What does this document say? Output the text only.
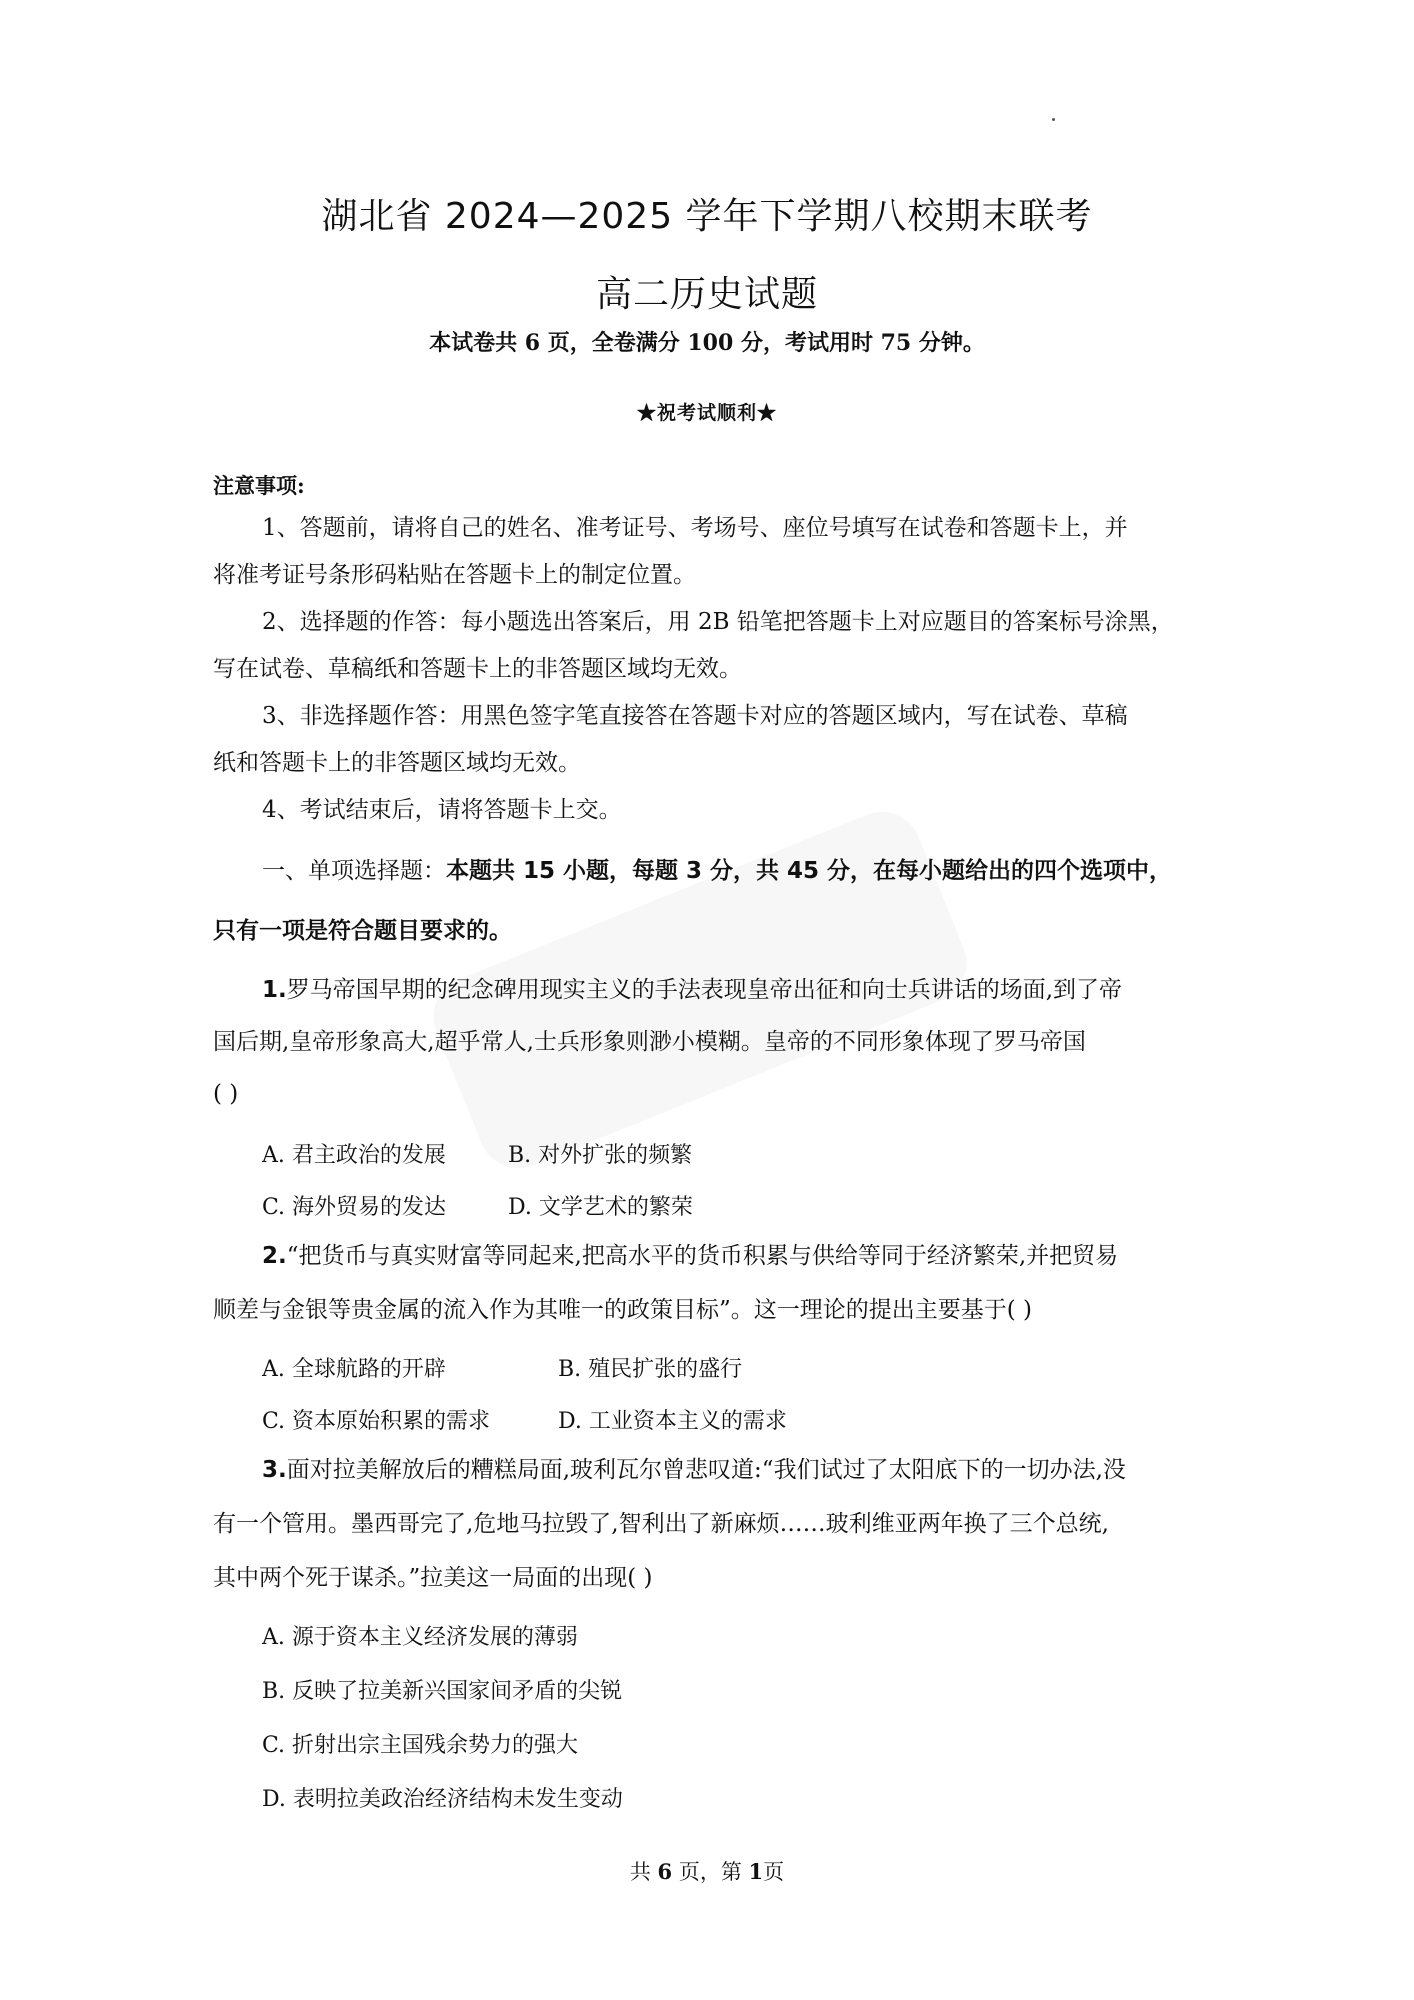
湖北省 2024—2025 学年下学期八校期末联考
高二历史试题
本试卷共 6 页，全卷满分 100 分，考试用时 75 分钟。
★祝考试顺利★
注意事项:
1、答题前，请将自己的姓名、准考证号、考场号、座位号填写在试卷和答题卡上，并
将准考证号条形码粘贴在答题卡上的制定位置。
2、选择题的作答：每小题选出答案后，用 2B 铅笔把答题卡上对应题目的答案标号涂黑，
写在试卷、草稿纸和答题卡上的非答题区域均无效。
3、非选择题作答：用黑色签字笔直接答在答题卡对应的答题区域内，写在试卷、草稿
纸和答题卡上的非答题区域均无效。
4、考试结束后，请将答题卡上交。
一、单项选择题：本题共 15 小题，每题 3 分，共 45 分，在每小题给出的四个选项中，
只有一项是符合题目要求的。
1.罗马帝国早期的纪念碑用现实主义的手法表现皇帝出征和向士兵讲话的场面,到了帝
国后期,皇帝形象高大,超乎常人,士兵形象则渺小模糊。皇帝的不同形象体现了罗马帝国
( )
A. 君主政治的发展	B. 对外扩张的频繁
C. 海外贸易的发达	D. 文学艺术的繁荣
2.“把货币与真实财富等同起来,把高水平的货币积累与供给等同于经济繁荣,并把贸易
顺差与金银等贵金属的流入作为其唯一的政策目标”。这一理论的提出主要基于( )
A. 全球航路的开辟	B. 殖民扩张的盛行
C. 资本原始积累的需求	D. 工业资本主义的需求
3.面对拉美解放后的糟糕局面,玻利瓦尔曾悲叹道:“我们试过了太阳底下的一切办法,没
有一个管用。墨西哥完了,危地马拉毁了,智利出了新麻烦……玻利维亚两年换了三个总统,
其中两个死于谋杀。”拉美这一局面的出现( )
A. 源于资本主义经济发展的薄弱
B. 反映了拉美新兴国家间矛盾的尖锐
C. 折射出宗主国残余势力的强大
D. 表明拉美政治经济结构未发生变动
共 6 页，第 1页
